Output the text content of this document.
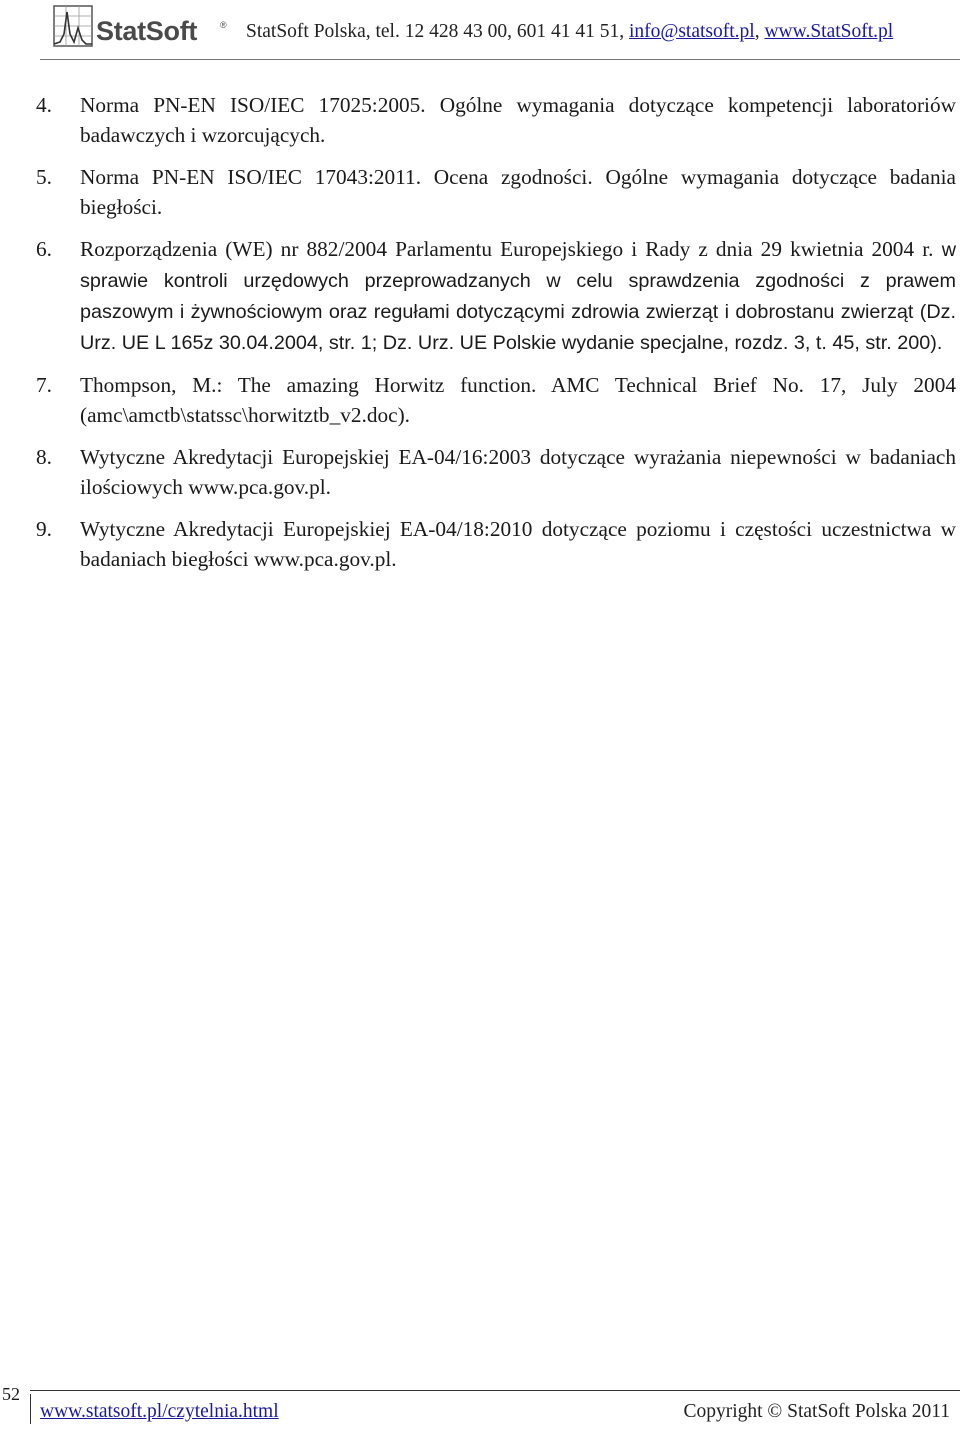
StatSoft	® StatSoft Polska, tel. 12 428 43 00, 601 41 41 51, info@statsoft.pl, www.StatSoft.pl
4. Norma PN-EN ISO/IEC 17025:2005. Ogólne wymagania dotyczące kompetencji laboratoriów badawczych i wzorcujących.
5. Norma PN-EN ISO/IEC 17043:2011. Ocena zgodności. Ogólne wymagania dotyczące badania biegłości.
6. Rozporządzenia (WE) nr 882/2004 Parlamentu Europejskiego i Rady z dnia 29 kwietnia 2004 r. w sprawie kontroli urzędowych przeprowadzanych w celu sprawdzenia zgodności z prawem paszowym i żywnościowym oraz regułami dotyczącymi zdrowia zwierząt i dobrostanu zwierząt (Dz. Urz. UE L 165z 30.04.2004, str. 1; Dz. Urz. UE Polskie wydanie specjalne, rozdz. 3, t. 45, str. 200).
7. Thompson, M.: The amazing Horwitz function. AMC Technical Brief No. 17, July 2004 (amc\amctb\statssc\horwitztb_v2.doc).
8. Wytyczne Akredytacji Europejskiej EA-04/16:2003 dotyczące wyrażania niepewności w badaniach ilościowych www.pca.gov.pl.
9. Wytyczne Akredytacji Europejskiej EA-04/18:2010 dotyczące poziomu i częstości uczestnictwa w badaniach biegłości www.pca.gov.pl.
52
www.statsoft.pl/czytelnia.html	Copyright © StatSoft Polska 2011
